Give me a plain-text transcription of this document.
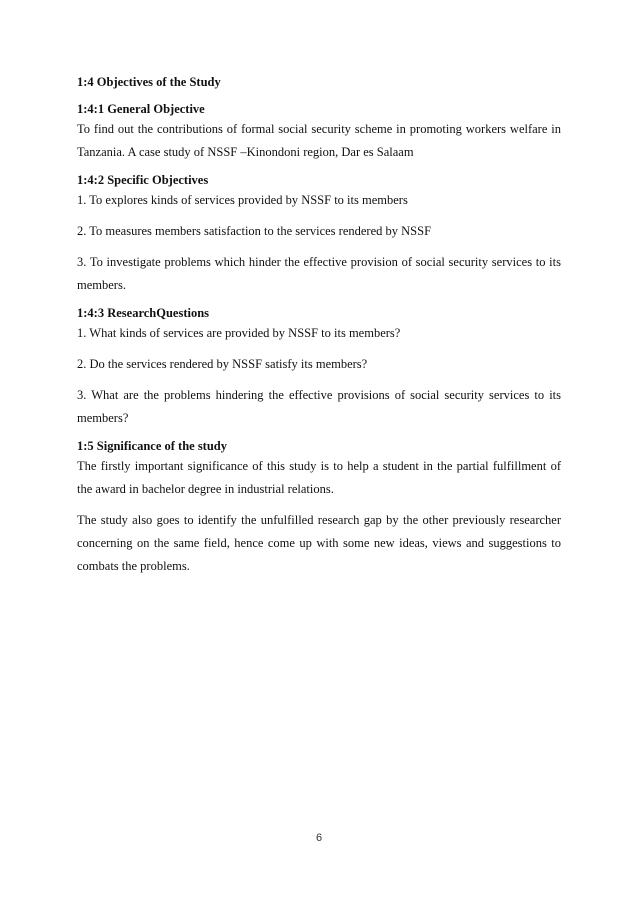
1:4 Objectives of the Study

1:4:1 General Objective

To find out the contributions of formal social security scheme in promoting workers welfare in Tanzania. A case study of NSSF –Kinondoni region, Dar es Salaam

1:4:2 Specific Objectives

1. To explores kinds of services provided by NSSF to its members

2. To measures members satisfaction to the services rendered by NSSF

3. To investigate problems which hinder the effective provision of social security services to its members.

1:4:3 ResearchQuestions

1. What kinds of services are provided by NSSF to its members?

2. Do the services rendered by NSSF satisfy its members?

3. What are the problems hindering the effective provisions of social security services to its members?

1:5 Significance of the study

The firstly important significance of this study is to help a student in the partial fulfillment of the award in bachelor degree in industrial relations.

The study also goes to identify the unfulfilled research gap by the other previously researcher concerning on the same field, hence come up with some new ideas, views and suggestions to combats the problems.

6
